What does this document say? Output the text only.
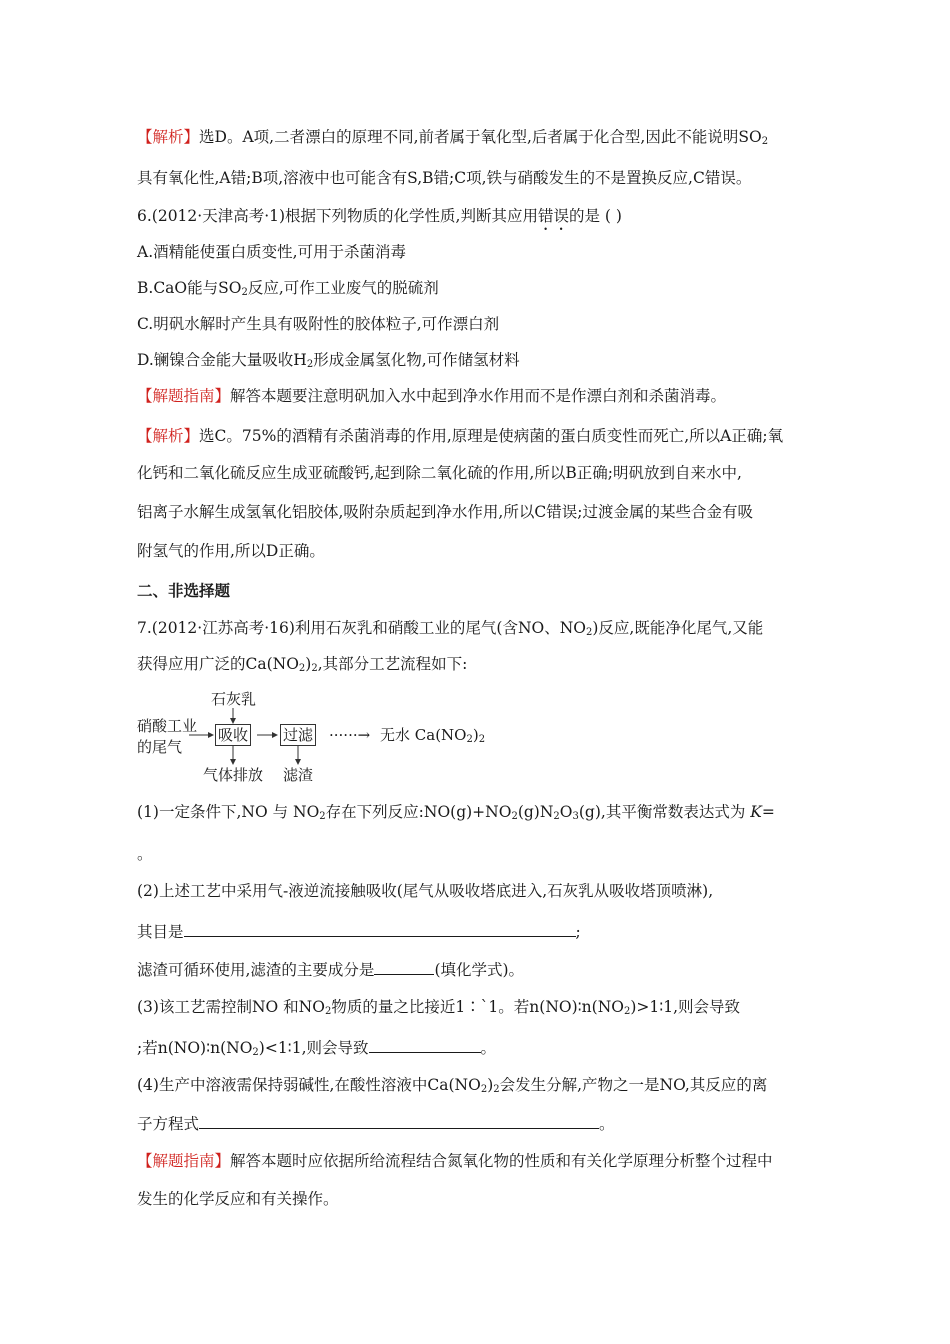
【解析】选D。A项,二者漂白的原理不同,前者属于氧化型,后者属于化合型,因此不能说明$SO_2$
具有氧化性,A错;B项,溶液中也可能含有S,B错;C项,铁与硝酸发生的不是置换反应,C错误。
6.(2012·天津高考·1)根据下列物质的化学性质,判断其应用错误的是 ( )
A.酒精能使蛋白质变性,可用于杀菌消毒
B.CaO能与$SO_2$反应,可作工业废气的脱硫剂
C.明矾水解时产生具有吸附性的胶体粒子,可作漂白剂
D.镧镍合金能大量吸收$H_2$形成金属氢化物,可作储氢材料
【解题指南】解答本题要注意明矾加入水中起到净水作用而不是作漂白剂和杀菌消毒。
【解析】选C。75%的酒精有杀菌消毒的作用,原理是使病菌的蛋白质变性而死亡,所以A正确;氧
化钙和二氧化硫反应生成亚硫酸钙,起到除二氧化硫的作用,所以B正确;明矾放到自来水中,
铝离子水解生成氢氧化铝胶体,吸附杂质起到净水作用,所以C错误;过渡金属的某些合金有吸
附氢气的作用,所以D正确。
二、非选择题
7.(2012·江苏高考·16)利用石灰乳和硝酸工业的尾气(含NO、$NO_2$)反应,既能净化尾气,又能
获得应用广泛的$Ca(NO_2)_2$,其部分工艺流程如下:
石灰乳
硝酸工业
的尾气
吸收 过滤 ······→ 无水 $Ca(NO_2)_2$
气体排放 滤渣
(1)一定条件下,NO 与 $NO_2$存在下列反应$:NO(g)+NO_2(g)N_2O_3(g)$,其平衡常数表达式为 K=
。
(2)上述工艺中采用气-液逆流接触吸收(尾气从吸收塔底进入,石灰乳从吸收塔顶喷淋),
其目是	;
滤渣可循环使用,滤渣的主要成分是	(填化学式)。
(3)该工艺需控制NO 和$NO_2$物质的量之比接近1∶`1。若$n(NO)∶n(NO_2)>1∶1$,则会导致
;若$n(NO)∶n(NO_2)<1∶1$,则会导致	。
(4)生产中溶液需保持弱碱性,在酸性溶液中$Ca(NO_2)_2$会发生分解,产物之一是NO,其反应的离
子方程式	。
【解题指南】解答本题时应依据所给流程结合氮氧化物的性质和有关化学原理分析整个过程中
发生的化学反应和有关操作。
